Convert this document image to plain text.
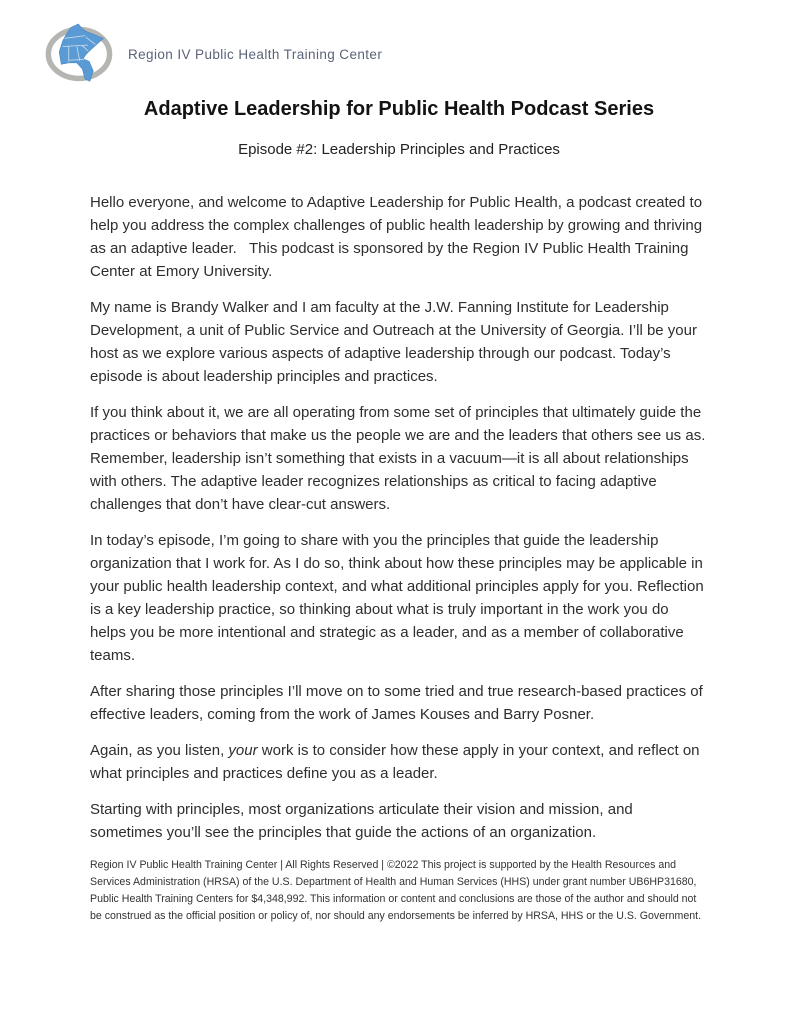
Region IV Public Health Training Center
Adaptive Leadership for Public Health Podcast Series
Episode #2: Leadership Principles and Practices

Hello everyone, and welcome to Adaptive Leadership for Public Health, a podcast created to help you address the complex challenges of public health leadership by growing and thriving as an adaptive leader.   This podcast is sponsored by the Region IV Public Health Training Center at Emory University.

My name is Brandy Walker and I am faculty at the J.W. Fanning Institute for Leadership Development, a unit of Public Service and Outreach at the University of Georgia. I’ll be your host as we explore various aspects of adaptive leadership through our podcast. Today’s episode is about leadership principles and practices.

If you think about it, we are all operating from some set of principles that ultimately guide the practices or behaviors that make us the people we are and the leaders that others see us as. Remember, leadership isn’t something that exists in a vacuum—it is all about relationships with others. The adaptive leader recognizes relationships as critical to facing adaptive challenges that don’t have clear-cut answers.

In today’s episode, I’m going to share with you the principles that guide the leadership organization that I work for. As I do so, think about how these principles may be applicable in your public health leadership context, and what additional principles apply for you. Reflection is a key leadership practice, so thinking about what is truly important in the work you do helps you be more intentional and strategic as a leader, and as a member of collaborative teams.

After sharing those principles I’ll move on to some tried and true research-based practices of effective leaders, coming from the work of James Kouses and Barry Posner.

Again, as you listen, your work is to consider how these apply in your context, and reflect on what principles and practices define you as a leader.

Starting with principles, most organizations articulate their vision and mission, and sometimes you’ll see the principles that guide the actions of an organization.

Region IV Public Health Training Center | All Rights Reserved | ©2022 This project is supported by the Health Resources and Services Administration (HRSA) of the U.S. Department of Health and Human Services (HHS) under grant number UB6HP31680, Public Health Training Centers for $4,348,992. This information or content and conclusions are those of the author and should not be construed as the official position or policy of, nor should any endorsements be inferred by HRSA, HHS or the U.S. Government.
